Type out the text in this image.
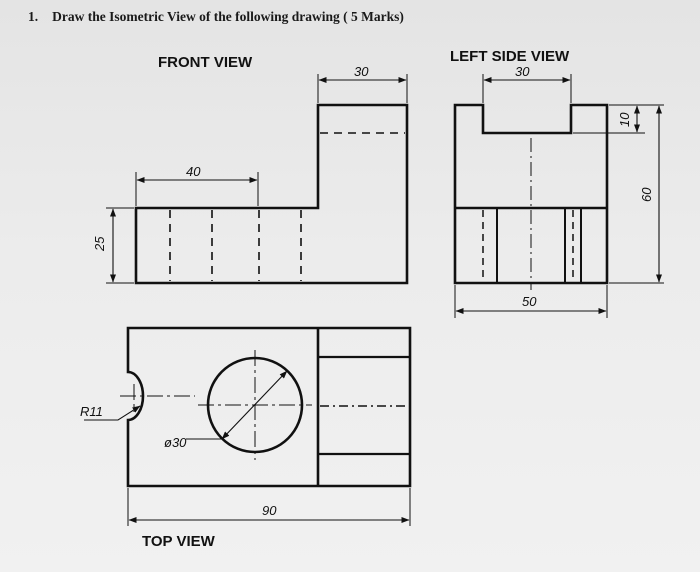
1. Draw the Isometric View of the following drawing ( 5 Marks)
FRONT VIEW
30
40
25
LEFT SIDE VIEW
30
10
60
50
R11
ø30
90
TOP VIEW
